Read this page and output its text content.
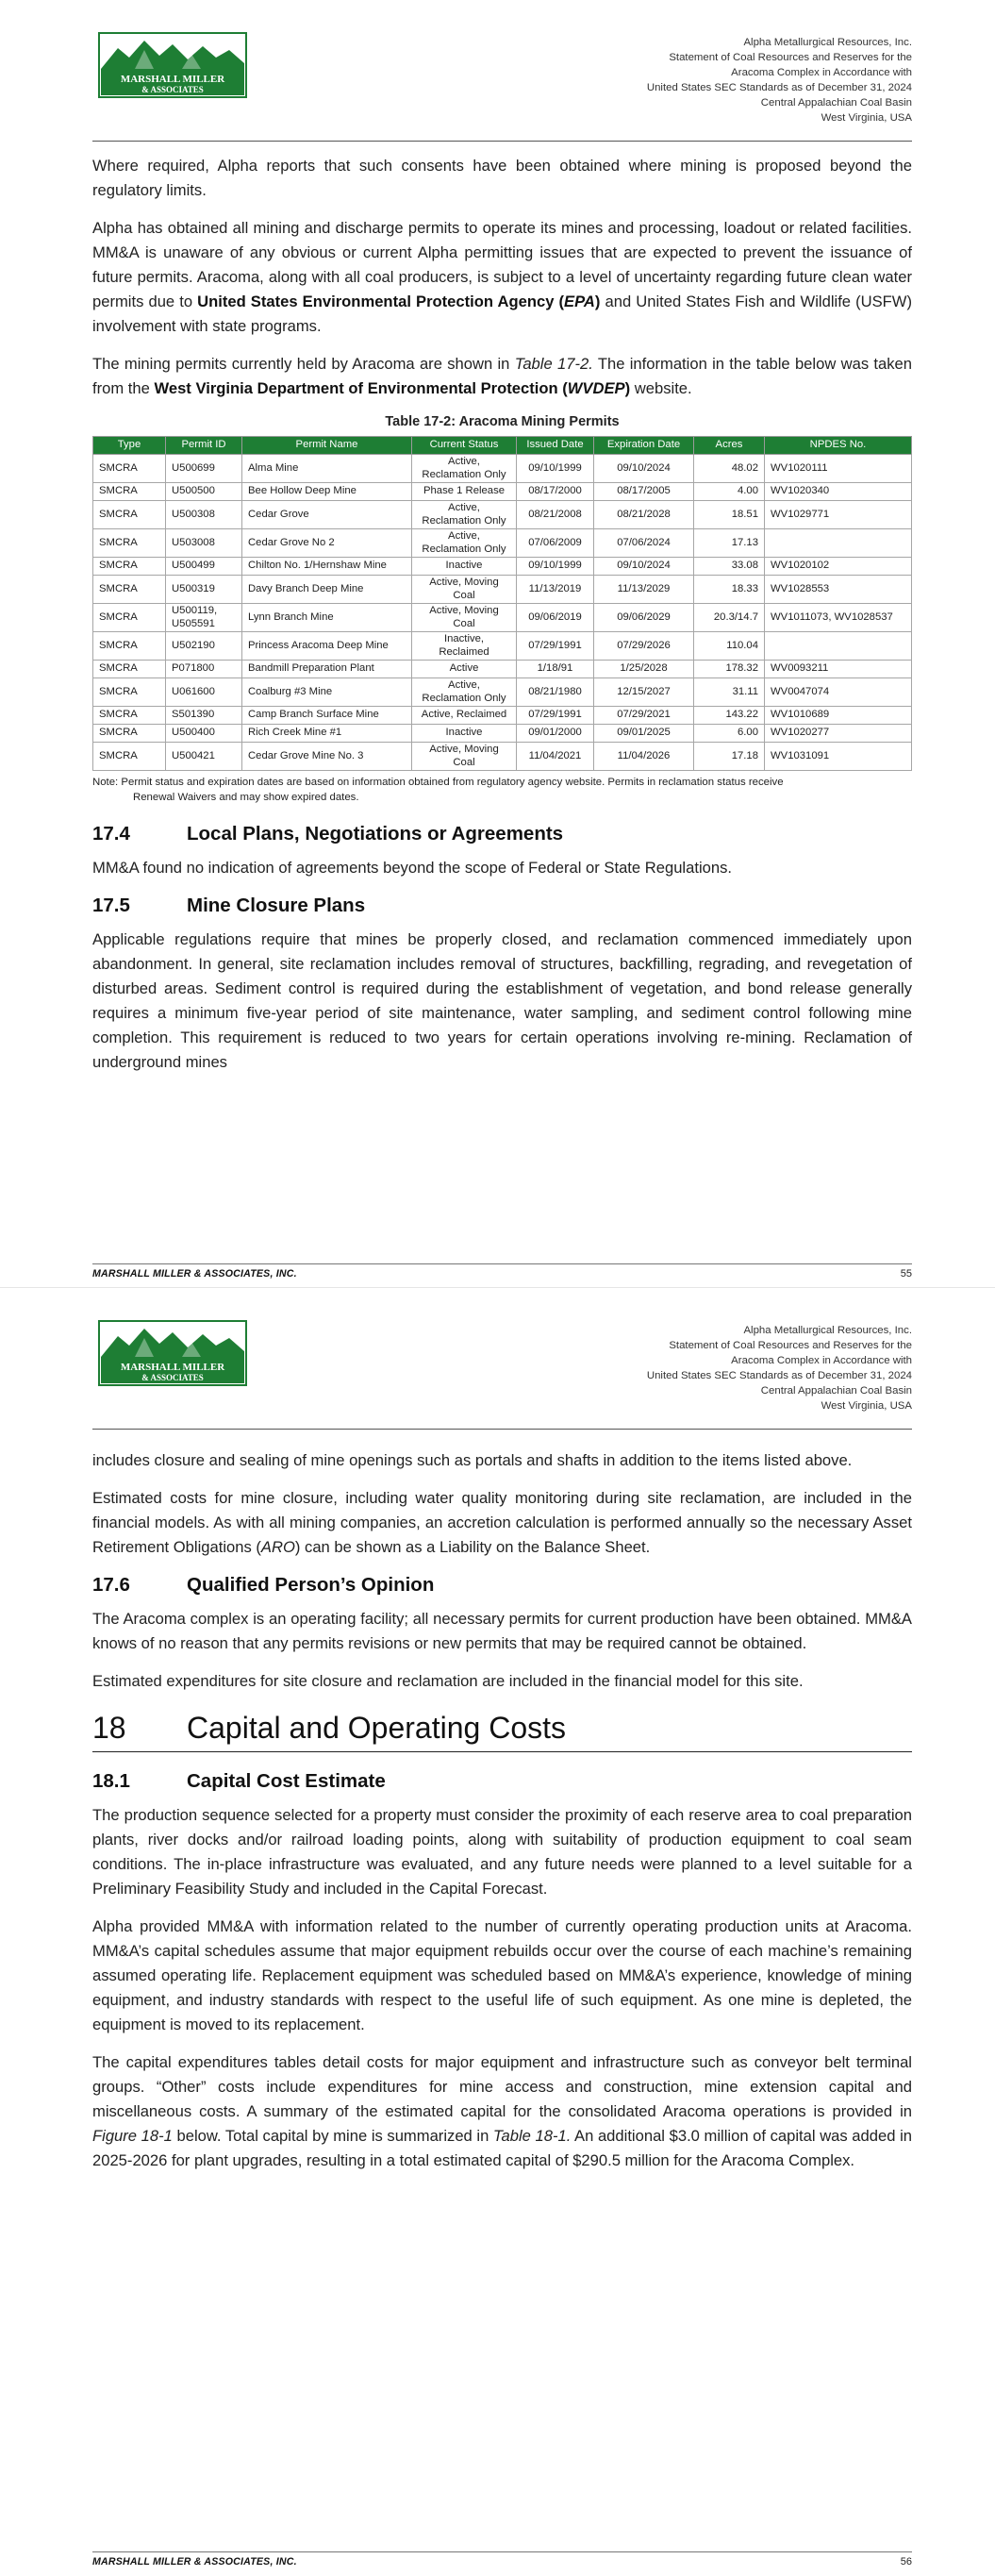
MARSHALL MILLER
& ASSOCIATES
Alpha Metallurgical Resources, Inc.
Statement of Coal Resources and Reserves for the
Aracoma Complex in Accordance with
United States SEC Standards as of December 31, 2024
Central Appalachian Coal Basin
West Virginia, USA

Where required, Alpha reports that such consents have been obtained where mining is proposed beyond the regulatory limits.

Alpha has obtained all mining and discharge permits to operate its mines and processing, loadout or related facilities. MM&A is unaware of any obvious or current Alpha permitting issues that are expected to prevent the issuance of future permits. Aracoma, along with all coal producers, is subject to a level of uncertainty regarding future clean water permits due to United States Environmental Protection Agency (EPA) and United States Fish and Wildlife (USFW) involvement with state programs.

The mining permits currently held by Aracoma are shown in Table 17-2. The information in the table below was taken from the West Virginia Department of Environmental Protection (WVDEP) website.

Table 17-2: Aracoma Mining Permits
Type	Permit ID	Permit Name	Current Status	Issued Date	Expiration Date	Acres	NPDES No.
SMCRA	U500699	Alma Mine	Active, Reclamation Only	09/10/1999	09/10/2024	48.02	WV1020111
SMCRA	U500500	Bee Hollow Deep Mine	Phase 1 Release	08/17/2000	08/17/2005	4.00	WV1020340
SMCRA	U500308	Cedar Grove	Active, Reclamation Only	08/21/2008	08/21/2028	18.51	WV1029771
SMCRA	U503008	Cedar Grove No 2	Active, Reclamation Only	07/06/2009	07/06/2024	17.13	
SMCRA	U500499	Chilton No. 1/Hernshaw Mine	Inactive	09/10/1999	09/10/2024	33.08	WV1020102
SMCRA	U500319	Davy Branch Deep Mine	Active, Moving Coal	11/13/2019	11/13/2029	18.33	WV1028553
SMCRA	U500119, U505591	Lynn Branch Mine	Active, Moving Coal	09/06/2019	09/06/2029	20.3/14.7	WV1011073, WV1028537
SMCRA	U502190	Princess Aracoma Deep Mine	Inactive, Reclaimed	07/29/1991	07/29/2026	110.04	
SMCRA	P071800	Bandmill Preparation Plant	Active	1/18/91	1/25/2028	178.32	WV0093211
SMCRA	U061600	Coalburg #3 Mine	Active, Reclamation Only	08/21/1980	12/15/2027	31.11	WV0047074
SMCRA	S501390	Camp Branch Surface Mine	Active, Reclaimed	07/29/1991	07/29/2021	143.22	WV1010689
SMCRA	U500400	Rich Creek Mine #1	Inactive	09/01/2000	09/01/2025	6.00	WV1020277
SMCRA	U500421	Cedar Grove Mine No. 3	Active, Moving Coal	11/04/2021	11/04/2026	17.18	WV1031091
Note: Permit status and expiration dates are based on information obtained from regulatory agency website. Permits in reclamation status receive
Renewal Waivers and may show expired dates.
17.4	Local Plans, Negotiations or Agreements

MM&A found no indication of agreements beyond the scope of Federal or State Regulations.

17.5	Mine Closure Plans

Applicable regulations require that mines be properly closed, and reclamation commenced immediately upon abandonment. In general, site reclamation includes removal of structures, backfilling, regrading, and revegetation of disturbed areas. Sediment control is required during the establishment of vegetation, and bond release generally requires a minimum five-year period of site maintenance, water sampling, and sediment control following mine completion. This requirement is reduced to two years for certain operations involving re-mining. Reclamation of underground mines

MARSHALL MILLER & ASSOCIATES, INC.	55
MARSHALL MILLER
& ASSOCIATES
Alpha Metallurgical Resources, Inc.
Statement of Coal Resources and Reserves for the
Aracoma Complex in Accordance with
United States SEC Standards as of December 31, 2024
Central Appalachian Coal Basin
West Virginia, USA

includes closure and sealing of mine openings such as portals and shafts in addition to the items listed above.

Estimated costs for mine closure, including water quality monitoring during site reclamation, are included in the financial models. As with all mining companies, an accretion calculation is performed annually so the necessary Asset Retirement Obligations (ARO) can be shown as a Liability on the Balance Sheet.

17.6	Qualified Person’s Opinion

The Aracoma complex is an operating facility; all necessary permits for current production have been obtained. MM&A knows of no reason that any permits revisions or new permits that may be required cannot be obtained.

Estimated expenditures for site closure and reclamation are included in the financial model for this site.

18 Capital and Operating Costs
18.1	Capital Cost Estimate

The production sequence selected for a property must consider the proximity of each reserve area to coal preparation plants, river docks and/or railroad loading points, along with suitability of production equipment to coal seam conditions. The in-place infrastructure was evaluated, and any future needs were planned to a level suitable for a Preliminary Feasibility Study and included in the Capital Forecast.

Alpha provided MM&A with information related to the number of currently operating production units at Aracoma. MM&A’s capital schedules assume that major equipment rebuilds occur over the course of each machine’s remaining assumed operating life. Replacement equipment was scheduled based on MM&A’s experience, knowledge of mining equipment, and industry standards with respect to the useful life of such equipment. As one mine is depleted, the equipment is moved to its replacement.

The capital expenditures tables detail costs for major equipment and infrastructure such as conveyor belt terminal groups. “Other” costs include expenditures for mine access and construction, mine extension capital and miscellaneous costs. A summary of the estimated capital for the consolidated Aracoma operations is provided in Figure 18-1 below. Total capital by mine is summarized in Table 18-1. An additional $3.0 million of capital was added in 2025-2026 for plant upgrades, resulting in a total estimated capital of $290.5 million for the Aracoma Complex.

MARSHALL MILLER & ASSOCIATES, INC.	56
